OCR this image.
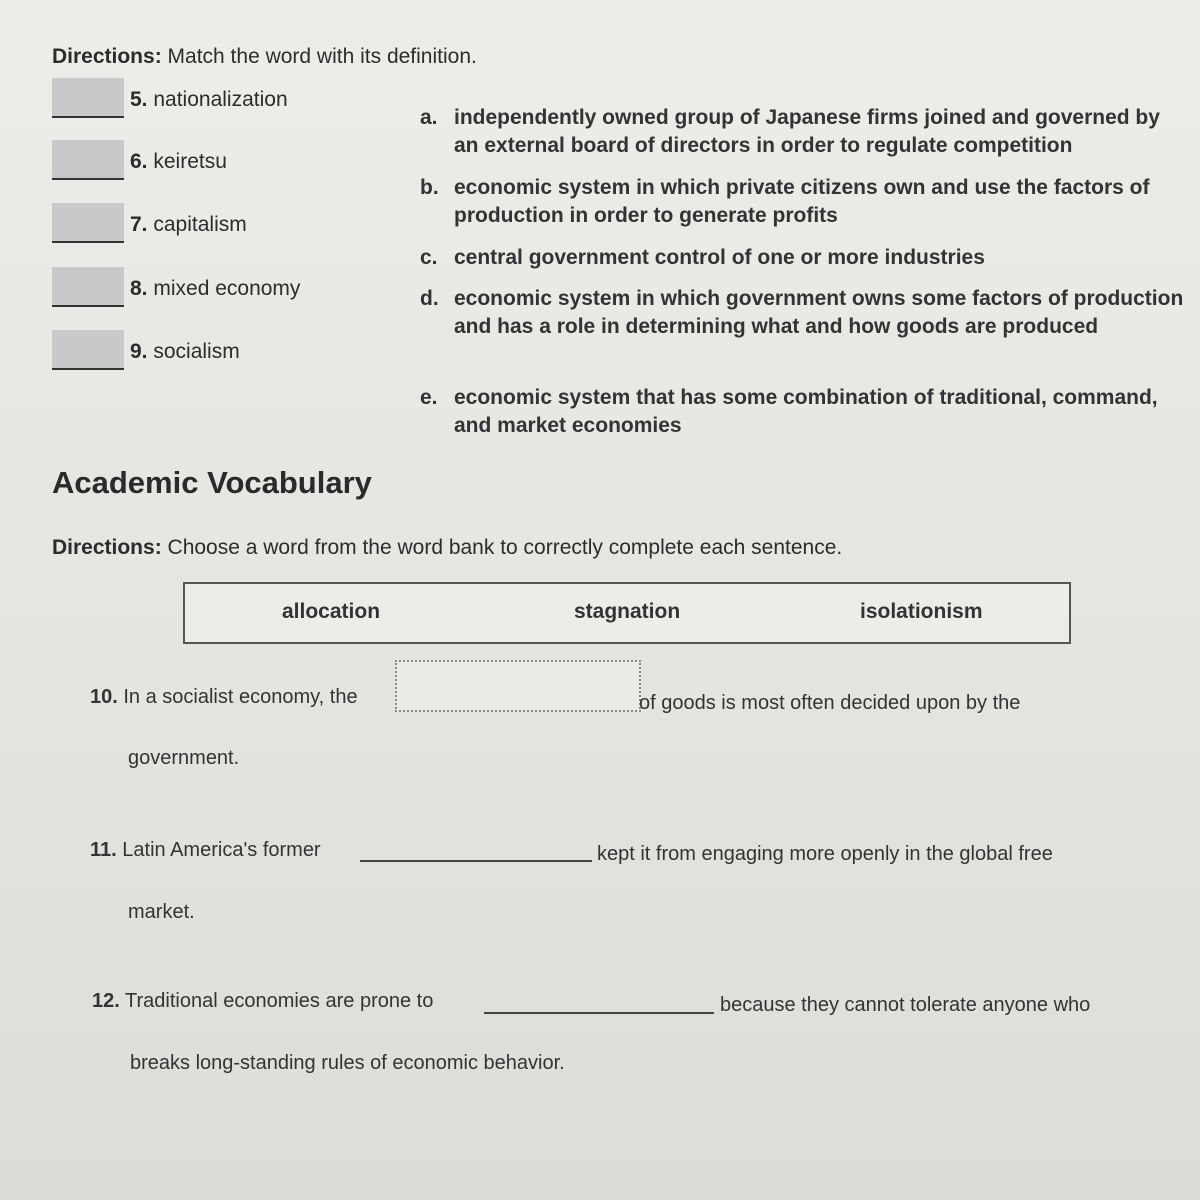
Directions: Match the word with its definition.
5. nationalization
6. keiretsu
7. capitalism
8. mixed economy
9. socialism
a. independently owned group of Japanese firms joined and governed by an external board of directors in order to regulate competition
b. economic system in which private citizens own and use the factors of production in order to generate profits
c. central government control of one or more industries
d. economic system in which government owns some factors of production and has a role in determining what and how goods are produced
e. economic system that has some combination of traditional, command, and market economies
Academic Vocabulary
Directions: Choose a word from the word bank to correctly complete each sentence.
allocation	stagnation	isolationism
10. In a socialist economy, the	of goods is most often decided upon by the
government.
11. Latin America's former	kept it from engaging more openly in the global free
market.
12. Traditional economies are prone to	because they cannot tolerate anyone who
breaks long-standing rules of economic behavior.
